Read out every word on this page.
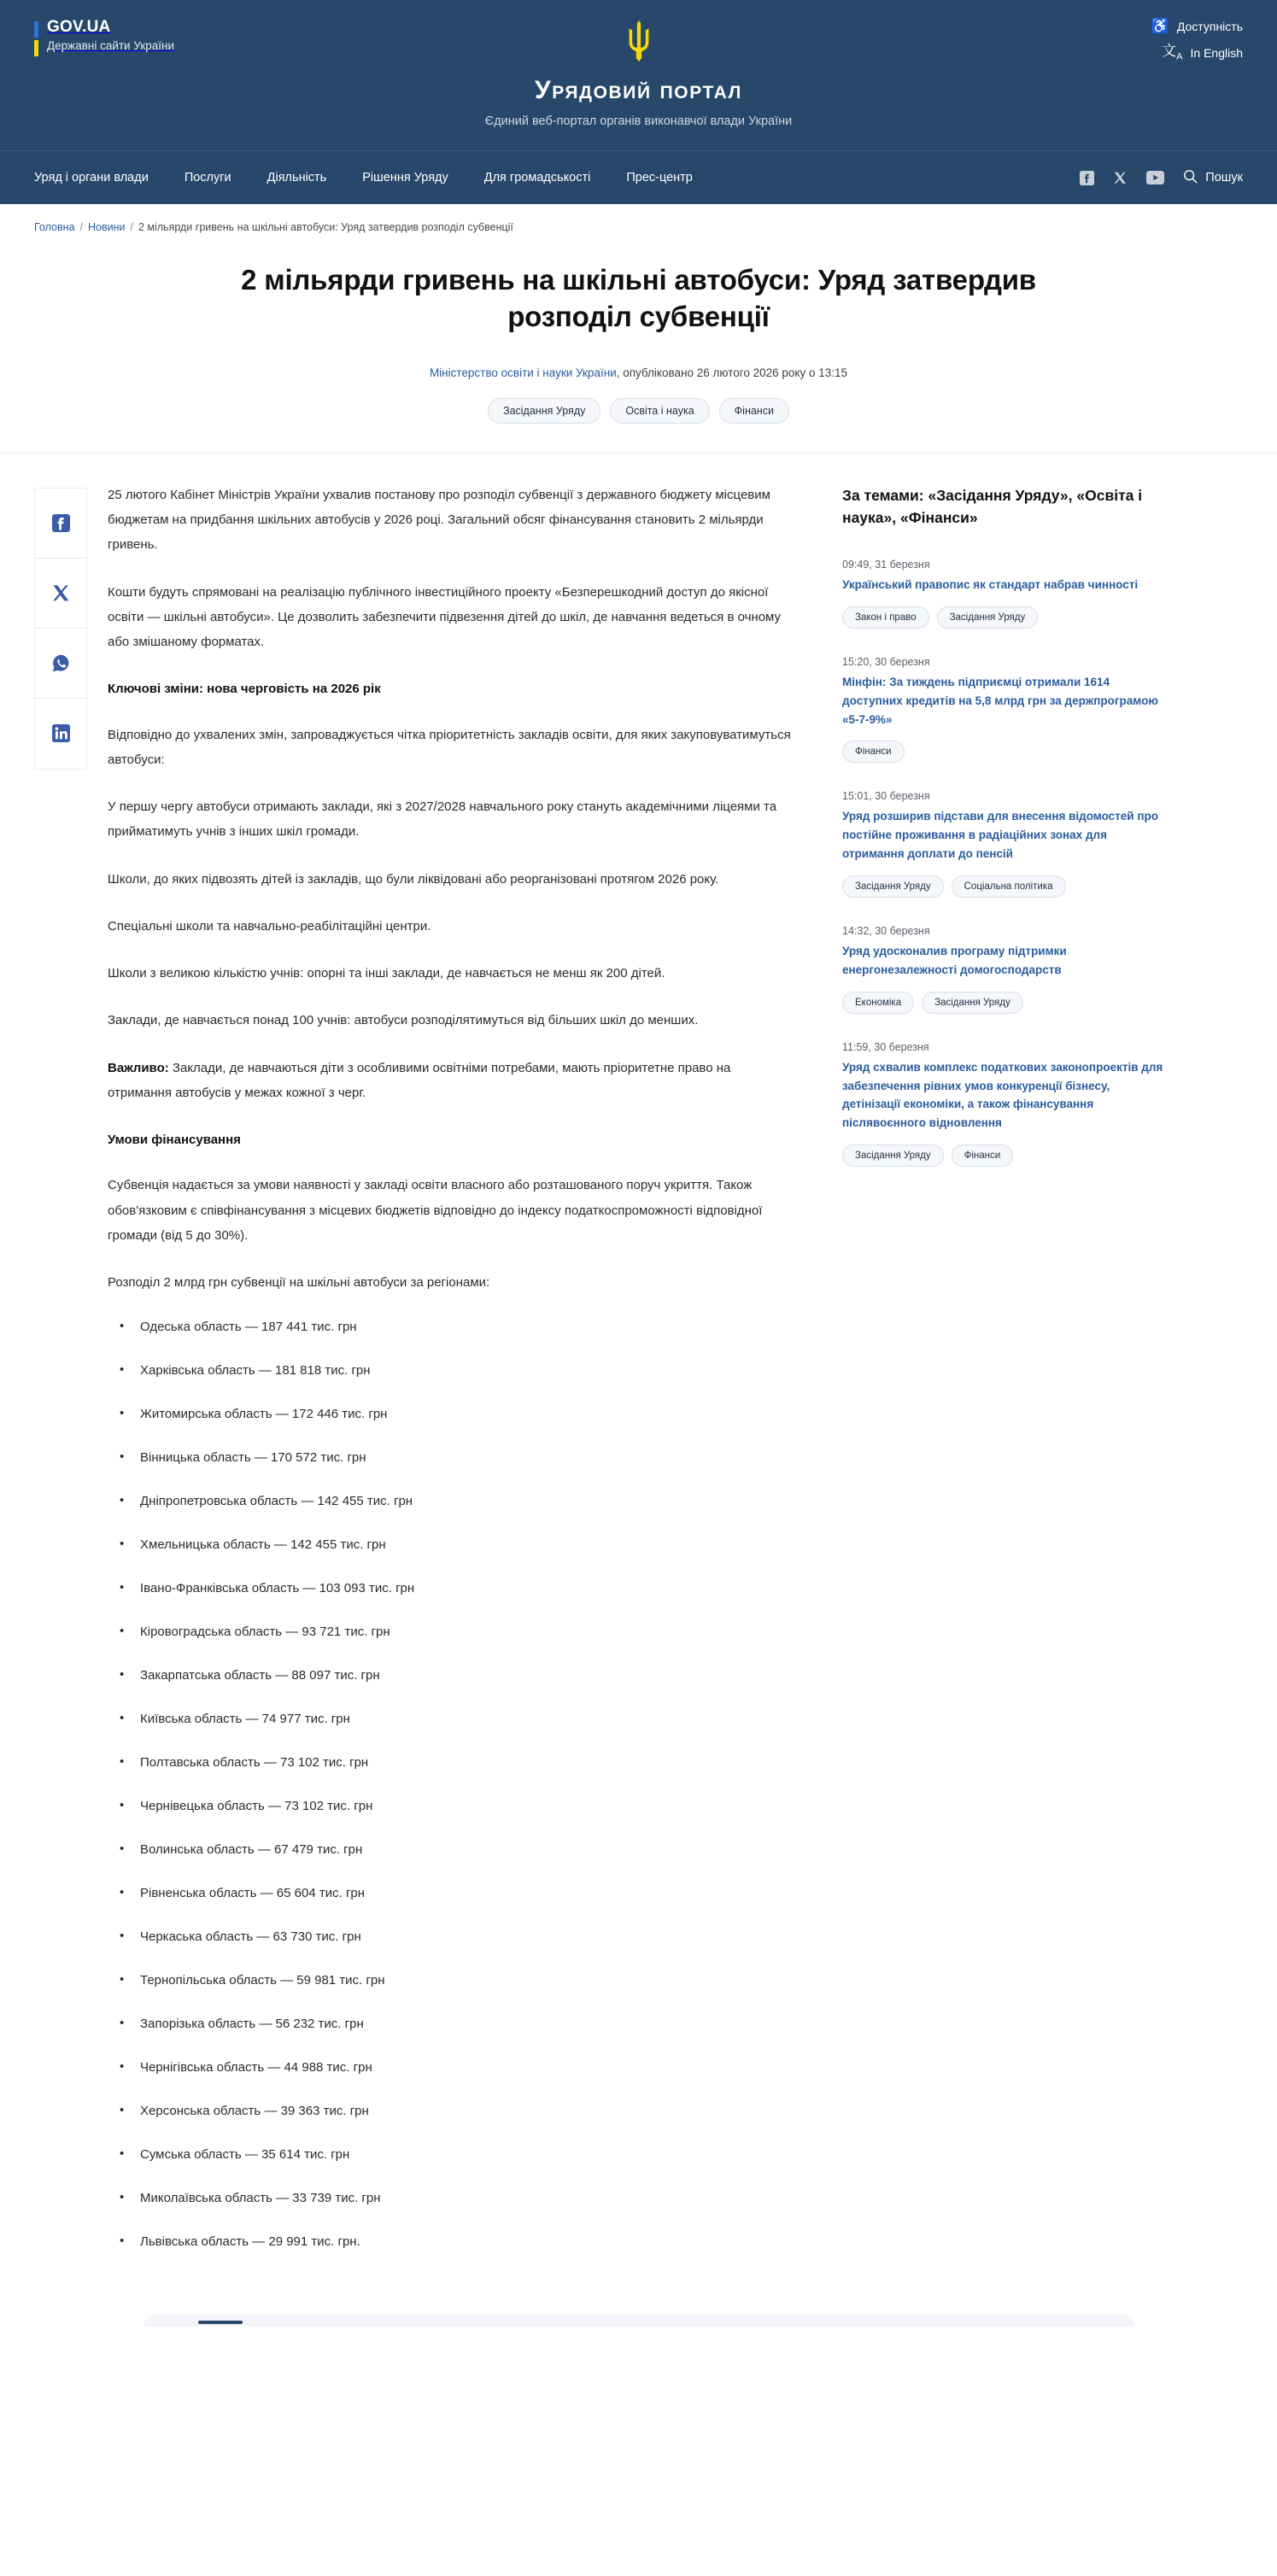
GOV.UA
Державні сайти України
♿ Доступність
文$_A$ In English
Урядовий портал
Єдиний веб-портал органів виконавчої влади України
Уряд і органи влади	Послуги	Діяльність	Рішення Уряду	Для громадськості	Прес-центр	Пошук
Головна / Новини / 2 мільярди гривень на шкільні автобуси: Уряд затвердив розподіл субвенції
2 мільярди гривень на шкільні автобуси: Уряд затвердив розподіл субвенції
Міністерство освіти і науки України, опубліковано 26 лютого 2026 року о 13:15
Засідання Уряду	Освіта і наука	Фінанси

25 лютого Кабінет Міністрів України ухвалив постанову про розподіл субвенції з державного бюджету місцевим бюджетам на придбання шкільних автобусів у 2026 році. Загальний обсяг фінансування становить 2 мільярди гривень.

Кошти будуть спрямовані на реалізацію публічного інвестиційного проекту «Безперешкодний доступ до якісної освіти — шкільні автобуси». Це дозволить забезпечити підвезення дітей до шкіл, де навчання ведеться в очному або змішаному форматах.

Ключові зміни: нова черговість на 2026 рік

Відповідно до ухвалених змін, запроваджується чітка пріоритетність закладів освіти, для яких закуповуватимуться автобуси:

У першу чергу автобуси отримають заклади, які з 2027/2028 навчального року стануть академічними ліцеями та прийматимуть учнів з інших шкіл громади.

Школи, до яких підвозять дітей із закладів, що були ліквідовані або реорганізовані протягом 2026 року.

Спеціальні школи та навчально-реабілітаційні центри.

Школи з великою кількістю учнів: опорні та інші заклади, де навчається не менш як 200 дітей.

Заклади, де навчається понад 100 учнів: автобуси розподілятимуться від більших шкіл до менших.

Важливо: Заклади, де навчаються діти з особливими освітніми потребами, мають пріоритетне право на отримання автобусів у межах кожної з черг.

Умови фінансування

Субвенція надається за умови наявності у закладі освіти власного або розташованого поруч укриття. Також обов'язковим є співфінансування з місцевих бюджетів відповідно до індексу податкоспроможності відповідної громади (від 5 до 30%).

Розподіл 2 млрд грн субвенції на шкільні автобуси за регіонами:

• Одеська область — 187 441 тис. грн
• Харківська область — 181 818 тис. грн
• Житомирська область — 172 446 тис. грн
• Вінницька область — 170 572 тис. грн
• Дніпропетровська область — 142 455 тис. грн
• Хмельницька область — 142 455 тис. грн
• Івано-Франківська область — 103 093 тис. грн
• Кіровоградська область — 93 721 тис. грн
• Закарпатська область — 88 097 тис. грн
• Київська область — 74 977 тис. грн
• Полтавська область — 73 102 тис. грн
• Чернівецька область — 73 102 тис. грн
• Волинська область — 67 479 тис. грн
• Рівненська область — 65 604 тис. грн
• Черкаська область — 63 730 тис. грн
• Тернопільська область — 59 981 тис. грн
• Запорізька область — 56 232 тис. грн
• Чернігівська область — 44 988 тис. грн
• Херсонська область — 39 363 тис. грн
• Сумська область — 35 614 тис. грн
• Миколаївська область — 33 739 тис. грн
• Львівська область — 29 991 тис. грн.
За темами: «Засідання Уряду», «Освіта і наука», «Фінанси»
09:49, 31 березня
Український правопис як стандарт набрав чинності
Закон і право	Засідання Уряду
15:20, 30 березня
Мінфін: За тиждень підприємці отримали 1614 доступних кредитів на 5,8 млрд грн за держпрограмою «5-7-9%»
Фінанси
15:01, 30 березня
Уряд розширив підстави для внесення відомостей про постійне проживання в радіаційних зонах для отримання доплати до пенсій
Засідання Уряду	Соціальна політика
14:32, 30 березня
Уряд удосконалив програму підтримки енергонезалежності домогосподарств
Економіка	Засідання Уряду
11:59, 30 березня
Уряд схвалив комплекс податкових законопроектів для забезпечення рівних умов конкуренції бізнесу, детінізації економіки, а також фінансування післявоєнного відновлення
Засідання Уряду	Фінанси
